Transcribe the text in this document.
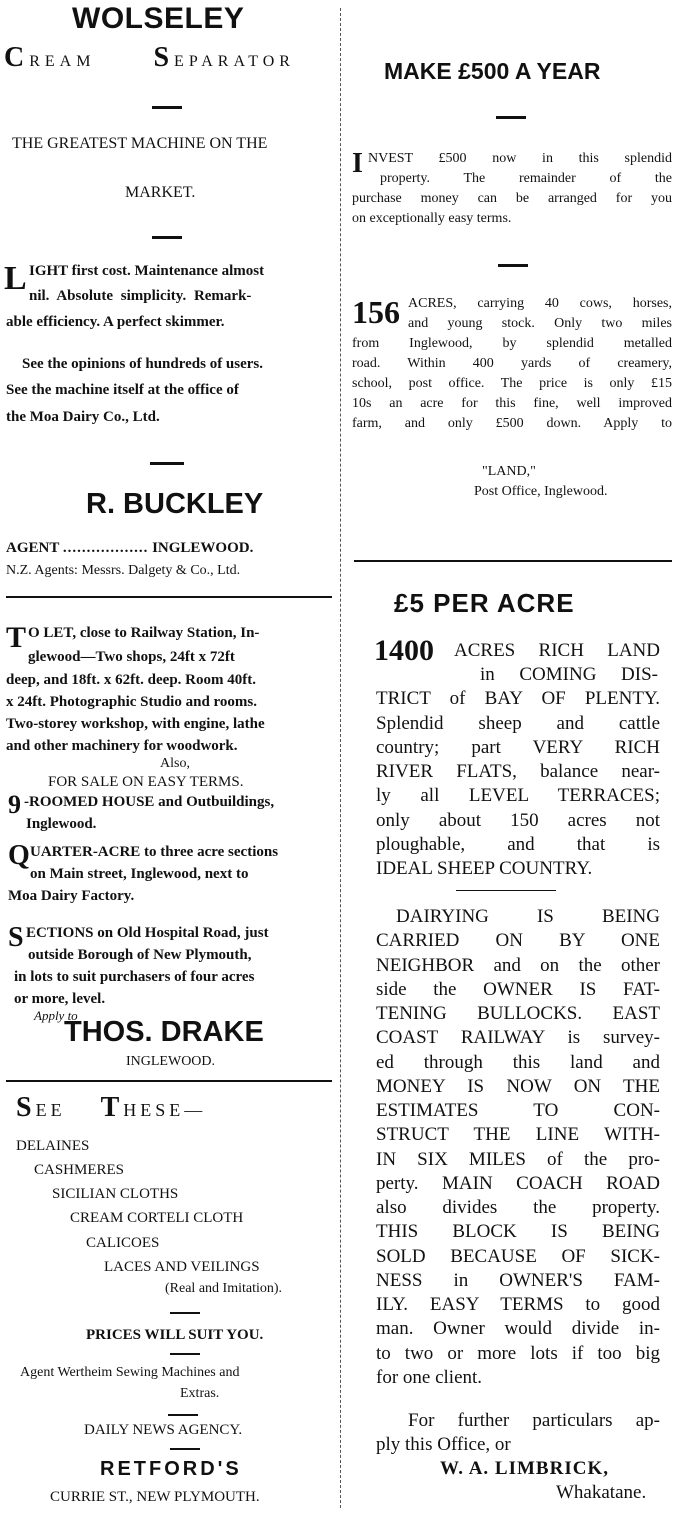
WOLSELEY
CREAM SEPARATOR
THE GREATEST MACHINE ON THE
MARKET.
L IGHT first cost. Maintenance almost
nil. Absolute simplicity. Remark-
able efficiency. A perfect skimmer.
See the opinions of hundreds of users.
See the machine itself at the office of
the Moa Dairy Co., Ltd.
R. BUCKLEY
AGENT .................. INGLEWOOD.
N.Z. Agents: Messrs. Dalgety & Co., Ltd.
T O LET, close to Railway Station, In-
glewood—Two shops, 24ft x 72ft
deep, and 18ft. x 62ft. deep. Room 40ft.
x 24ft. Photographic Studio and rooms.
Two-storey workshop, with engine, lathe
and other machinery for woodwork.
Also,
FOR SALE ON EASY TERMS.
9 -ROOMED HOUSE and Outbuildings,
Inglewood.
Q UARTER-ACRE to three acre sections
on Main street, Inglewood, next to
Moa Dairy Factory.
S ECTIONS on Old Hospital Road, just
outside Borough of New Plymouth,
in lots to suit purchasers of four acres
or more, level.
Apply to
THOS. DRAKE
INGLEWOOD.
SEE THESE—
DELAINES
CASHMERES
SICILIAN CLOTHS
CREAM CORTELI CLOTH
CALICOES
LACES AND VEILINGS
(Real and Imitation).
PRICES WILL SUIT YOU.
Agent Wertheim Sewing Machines and
Extras.
DAILY NEWS AGENCY.
RETFORD'S
CURRIE ST., NEW PLYMOUTH.
MAKE £500 A YEAR
I NVEST £500 now in this splendid
property. The remainder of the
purchase money can be arranged for you
on exceptionally easy terms.
156 ACRES, carrying 40 cows, horses,
and young stock. Only two miles
from Inglewood, by splendid metalled
road. Within 400 yards of creamery,
school, post office. The price is only £15
10s an acre for this fine, well improved
farm, and only £500 down. Apply to
"LAND,"
Post Office, Inglewood.
£5 PER ACRE
1400 ACRES RICH LAND
in COMING DIS-
TRICT of BAY OF PLENTY.
Splendid sheep and cattle
country; part VERY RICH
RIVER FLATS, balance near-
ly all LEVEL TERRACES;
only about 150 acres not
ploughable, and that is
IDEAL SHEEP COUNTRY.
DAIRYING IS BEING
CARRIED ON BY ONE
NEIGHBOR and on the other
side the OWNER IS FAT-
TENING BULLOCKS. EAST
COAST RAILWAY is survey-
ed through this land and
MONEY IS NOW ON THE
ESTIMATES TO CON-
STRUCT THE LINE WITH-
IN SIX MILES of the pro-
perty. MAIN COACH ROAD
also divides the property.
THIS BLOCK IS BEING
SOLD BECAUSE OF SICK-
NESS in OWNER'S FAM-
ILY. EASY TERMS to good
man. Owner would divide in-
to two or more lots if too big
for one client.
For further particulars ap-
ply this Office, or
W. A. LIMBRICK,
Whakatane.
